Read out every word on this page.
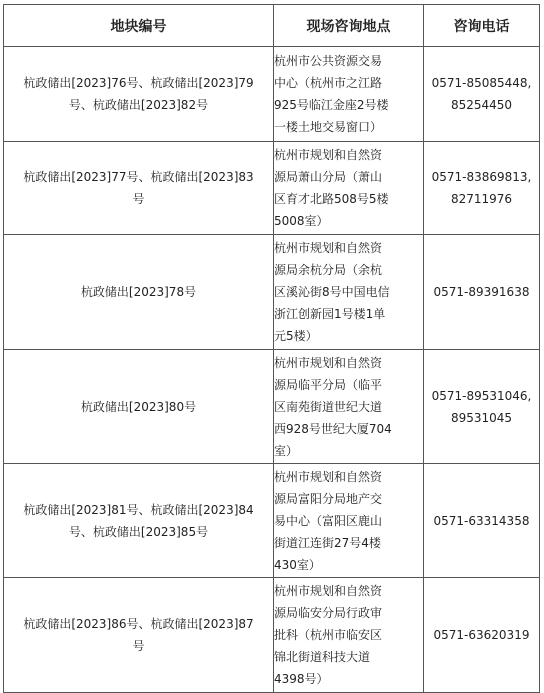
地块编号	现场咨询地点	咨询电话

杭政储出[2023]76号、杭政储出[2023]79
号、杭政储出[2023]82号	杭州市公共资源交易
中心（杭州市之江路
925号临江金座2号楼
一楼土地交易窗口）	0571-85085448,
85254450

杭政储出[2023]77号、杭政储出[2023]83
号	杭州市规划和自然资
源局萧山分局（萧山
区育才北路508号5楼
5008室）	0571-83869813,
82711976

杭政储出[2023]78号	杭州市规划和自然资
源局余杭分局（余杭
区溪沁街8号中国电信
浙江创新园1号楼1单
元5楼）	0571-89391638

杭政储出[2023]80号	杭州市规划和自然资
源局临平分局（临平
区南苑街道世纪大道
西928号世纪大厦704
室）	0571-89531046,
89531045

杭政储出[2023]81号、杭政储出[2023]84
号、杭政储出[2023]85号	杭州市规划和自然资
源局富阳分局地产交
易中心（富阳区鹿山
街道江连街27号4楼
430室）	0571-63314358

杭政储出[2023]86号、杭政储出[2023]87
号	杭州市规划和自然资
源局临安分局行政审
批科（杭州市临安区
锦北街道科技大道
4398号）	0571-63620319
